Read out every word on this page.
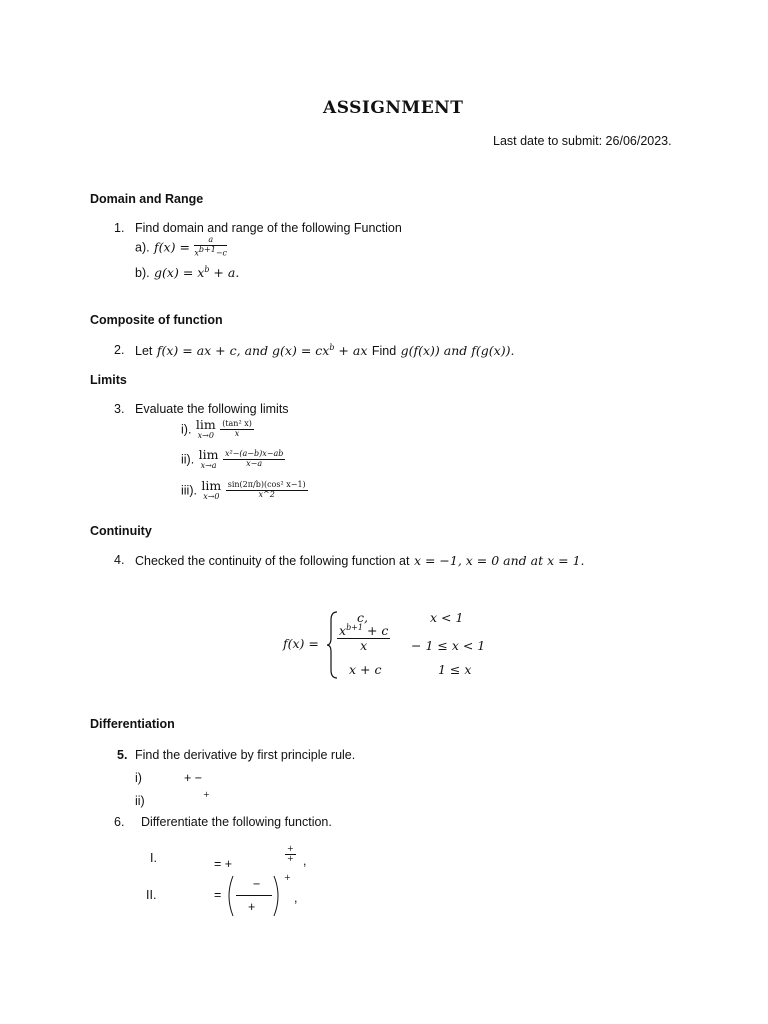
ASSIGNMENT
Last date to submit: 26/06/2023.
Domain and Range
1. Find domain and range of the following Function
a). $f(x) = \frac{a}{x^{b+1}-c}$
b). $g(x) = x^b + a$.
Composite of function
2. Let f(x) = ax + c, and $g(x) = cx^b$ + ax Find g(f(x)) and f(g(x)).
Limits
3. Evaluate the following limits
i). lim
x→0
$\frac{\text{(tan² x)}}{x}$
ii). lim
x→a
$\frac{\text{x²−(a−b)x−ab}}{x-a}$
iii). lim
x→0
$\frac{\text{sin(2π/b)(cos² x−1)}}{x\^{}2}$
Continuity
4. Checked the continuity of the following function at x = −1, x = 0 and at x = 1.
f(x) =
c,	x < 1
$\frac{x^{b+1} + c}{x} - 1 \le x < 1$
x + c	1 ≤ x
Differentiation
5. Find the derivative by first principle rule.
i)	+ −
ii)	+
6. Differentiate the following function.
I.	= +
$\frac{+}{+}$ ,
II.	=
−
+
+
,
